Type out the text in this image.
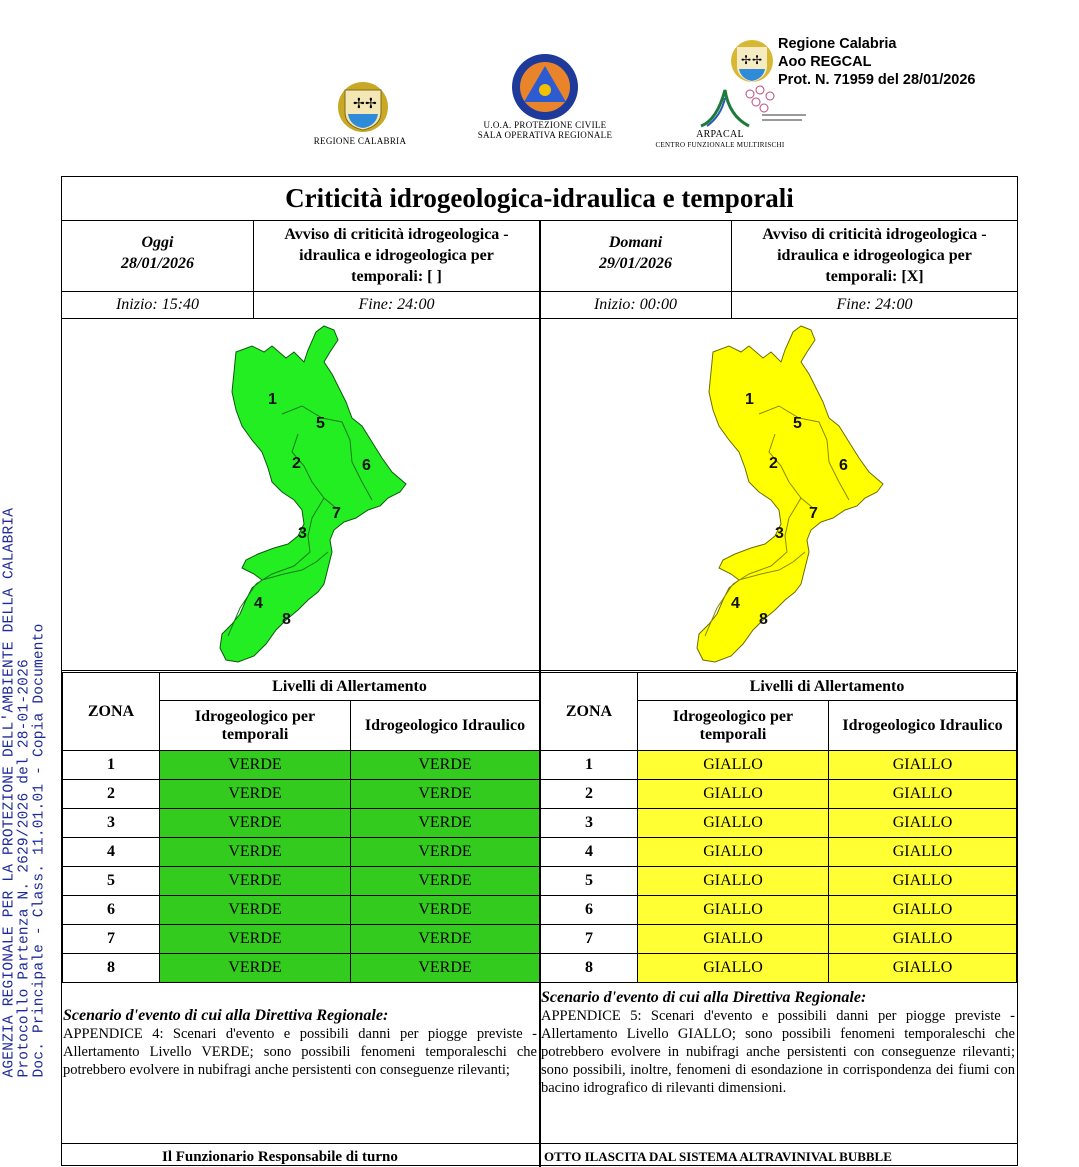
AGENZIA REGIONALE PER LA PROTEZIONE DELL'AMBIENTE DELLA CALABRIA Protocollo Partenza N. 2629/2026 del 28-01-2026 Doc. Principale - Class. 11.01.01 - Copia Documento
✢ ✢
REGIONE CALABRIA
U.O.A. PROTEZIONE CIVILE
SALA OPERATIVA REGIONALE	ARPACAL
CENTRO FUNZIONALE MULTIRISCHI
✢ ✢
Regione Calabria
Aoo REGCAL
Prot. N. 71959 del 28/01/2026
Criticità idrogeologica-idraulica e temporali
Oggi
28/01/2026
Avviso di criticità idrogeologica - idraulica e idrogeologica per temporali: [ ]
Inizio: 15:40	Fine: 24:00
Domani
29/01/2026
Avviso di criticità idrogeologica - idraulica e idrogeologica per temporali: [X]
Inizio: 00:00	Fine: 24:00
1
5
2	6
7
3
4
8
1
5
2	6
7
3
4
8
ZONA	Livelli di Allertamento	
	Idrogeologico per temporali	Idrogeologico Idraulico
1	VERDE	VERDE
2	VERDE	VERDE
3	VERDE	VERDE
4	VERDE	VERDE
5	VERDE	VERDE
6	VERDE	VERDE
7	VERDE	VERDE
8	VERDE	VERDE
ZONA	Livelli di Allertamento	
	Idrogeologico per temporali	Idrogeologico Idraulico
1	GIALLO	GIALLO
2	GIALLO	GIALLO
3	GIALLO	GIALLO
4	GIALLO	GIALLO
5	GIALLO	GIALLO
6	GIALLO	GIALLO
7	GIALLO	GIALLO
8	GIALLO	GIALLO
Scenario d'evento di cui alla Direttiva Regionale:
APPENDICE 4: Scenari d'evento e possibili danni per piogge previste - Allertamento Livello VERDE; sono possibili fenomeni temporaleschi che potrebbero evolvere in nubifragi anche persistenti con conseguenze rilevanti;
Scenario d'evento di cui alla Direttiva Regionale:
APPENDICE 5: Scenari d'evento e possibili danni per piogge previste - Allertamento Livello GIALLO; sono possibili fenomeni temporaleschi che potrebbero evolvere in nubifragi anche persistenti con conseguenze rilevanti; sono possibili, inoltre, fenomeni di esondazione in corrispondenza dei fiumi con bacino idrografico di rilevanti dimensioni.
Il Funzionario Responsabile di turno	OTTO ILASCITA DAL SISTEMA ALTRAVINIVAL BUBBLE
